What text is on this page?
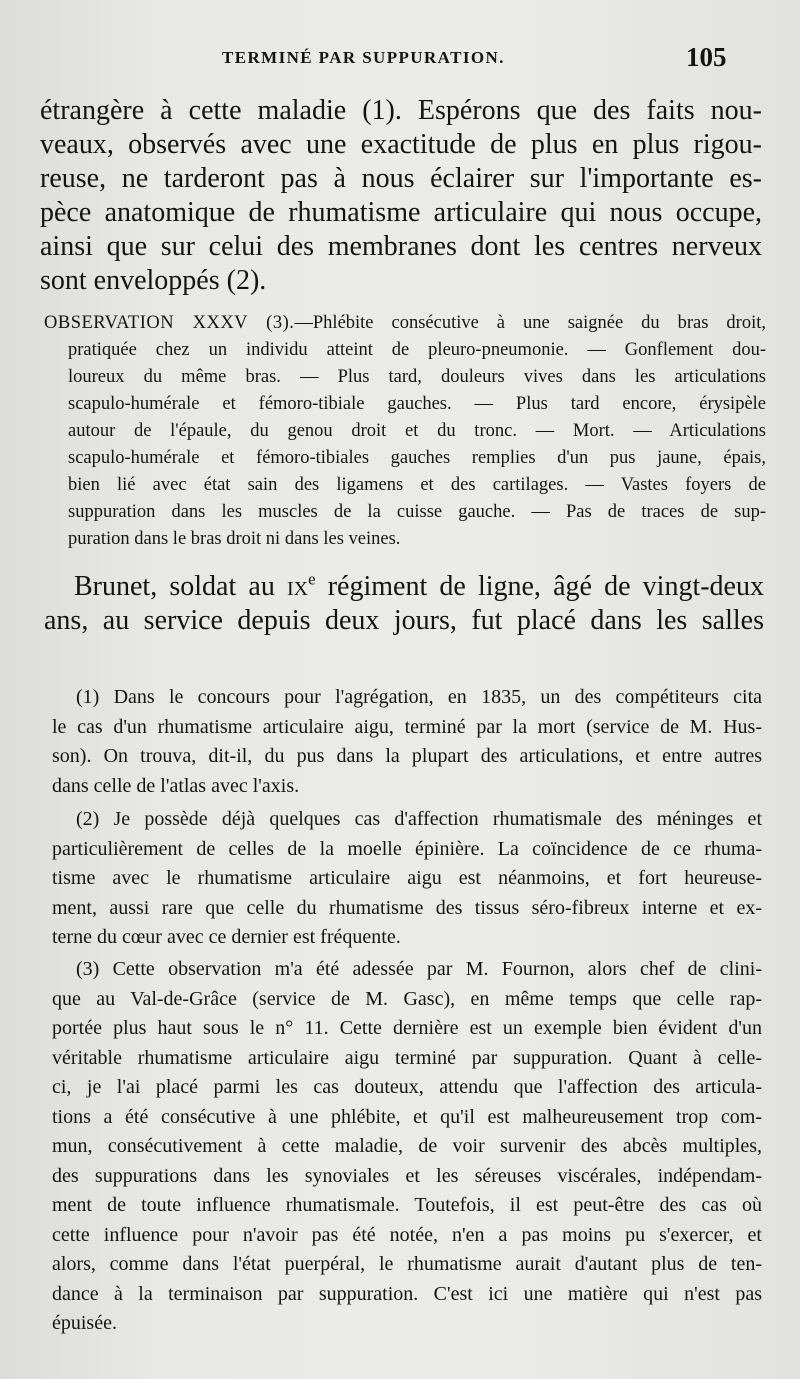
TERMINÉ PAR SUPPURATION.	105
étrangère à cette maladie (1). Espérons que des faits nou-
veaux, observés avec une exactitude de plus en plus rigou-
reuse, ne tarderont pas à nous éclairer sur l'importante es-
pèce anatomique de rhumatisme articulaire qui nous occupe,
ainsi que sur celui des membranes dont les centres nerveux
sont enveloppés (2).
OBSERVATION XXXV (3).—Phlébite consécutive à une saignée du bras droit,
pratiquée chez un individu atteint de pleuro-pneumonie. — Gonflement dou-
loureux du même bras. — Plus tard, douleurs vives dans les articulations
scapulo-humérale et fémoro-tibiale gauches. — Plus tard encore, érysipèle
autour de l'épaule, du genou droit et du tronc. — Mort. — Articulations
scapulo-humérale et fémoro-tibiales gauches remplies d'un pus jaune, épais,
bien lié avec état sain des ligamens et des cartilages. — Vastes foyers de
suppuration dans les muscles de la cuisse gauche. — Pas de traces de sup-
puration dans le bras droit ni dans les veines.
Brunet, soldat au $ix^e$ régiment de ligne, âgé de vingt-deux
ans, au service depuis deux jours, fut placé dans les salles
(1) Dans le concours pour l'agrégation, en 1835, un des compétiteurs cita
le cas d'un rhumatisme articulaire aigu, terminé par la mort (service de M. Hus-
son). On trouva, dit-il, du pus dans la plupart des articulations, et entre autres
dans celle de l'atlas avec l'axis.
(2) Je possède déjà quelques cas d'affection rhumatismale des méninges et
particulièrement de celles de la moelle épinière. La coïncidence de ce rhuma-
tisme avec le rhumatisme articulaire aigu est néanmoins, et fort heureuse-
ment, aussi rare que celle du rhumatisme des tissus séro-fibreux interne et ex-
terne du cœur avec ce dernier est fréquente.
(3) Cette observation m'a été adessée par M. Fournon, alors chef de clini-
que au Val-de-Grâce (service de M. Gasc), en même temps que celle rap-
portée plus haut sous le n° 11. Cette dernière est un exemple bien évident d'un
véritable rhumatisme articulaire aigu terminé par suppuration. Quant à celle-
ci, je l'ai placé parmi les cas douteux, attendu que l'affection des articula-
tions a été consécutive à une phlébite, et qu'il est malheureusement trop com-
mun, consécutivement à cette maladie, de voir survenir des abcès multiples,
des suppurations dans les synoviales et les séreuses viscérales, indépendam-
ment de toute influence rhumatismale. Toutefois, il est peut-être des cas où
cette influence pour n'avoir pas été notée, n'en a pas moins pu s'exercer, et
alors, comme dans l'état puerpéral, le rhumatisme aurait d'autant plus de ten-
dance à la terminaison par suppuration. C'est ici une matière qui n'est pas
épuisée.
